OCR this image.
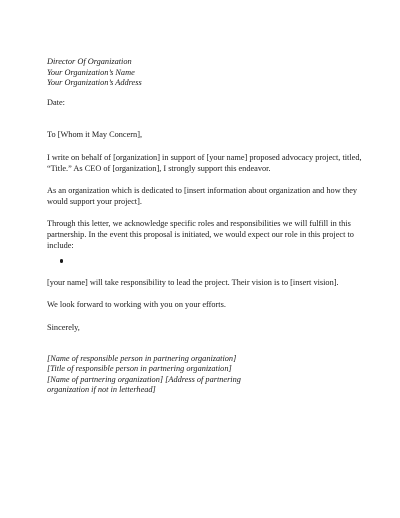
Director Of Organization
Your Organization’s Name
Your Organization’s Address
Date:
To [Whom it May Concern],
I write on behalf of [organization] in support of [your name] proposed advocacy project, titled,
“Title.” As CEO of [organization], I strongly support this endeavor.
As an organization which is dedicated to [insert information about organization and how they
would support your project].
Through this letter, we acknowledge specific roles and responsibilities we will fulfill in this
partnership. In the event this proposal is initiated, we would expect our role in this project to
include:
[your name] will take responsibility to lead the project. Their vision is to [insert vision].
We look forward to working with you on your efforts.
Sincerely,
[Name of responsible person in partnering organization]
[Title of responsible person in partnering organization]
[Name of partnering organization] [Address of partnering
organization if not in letterhead]
